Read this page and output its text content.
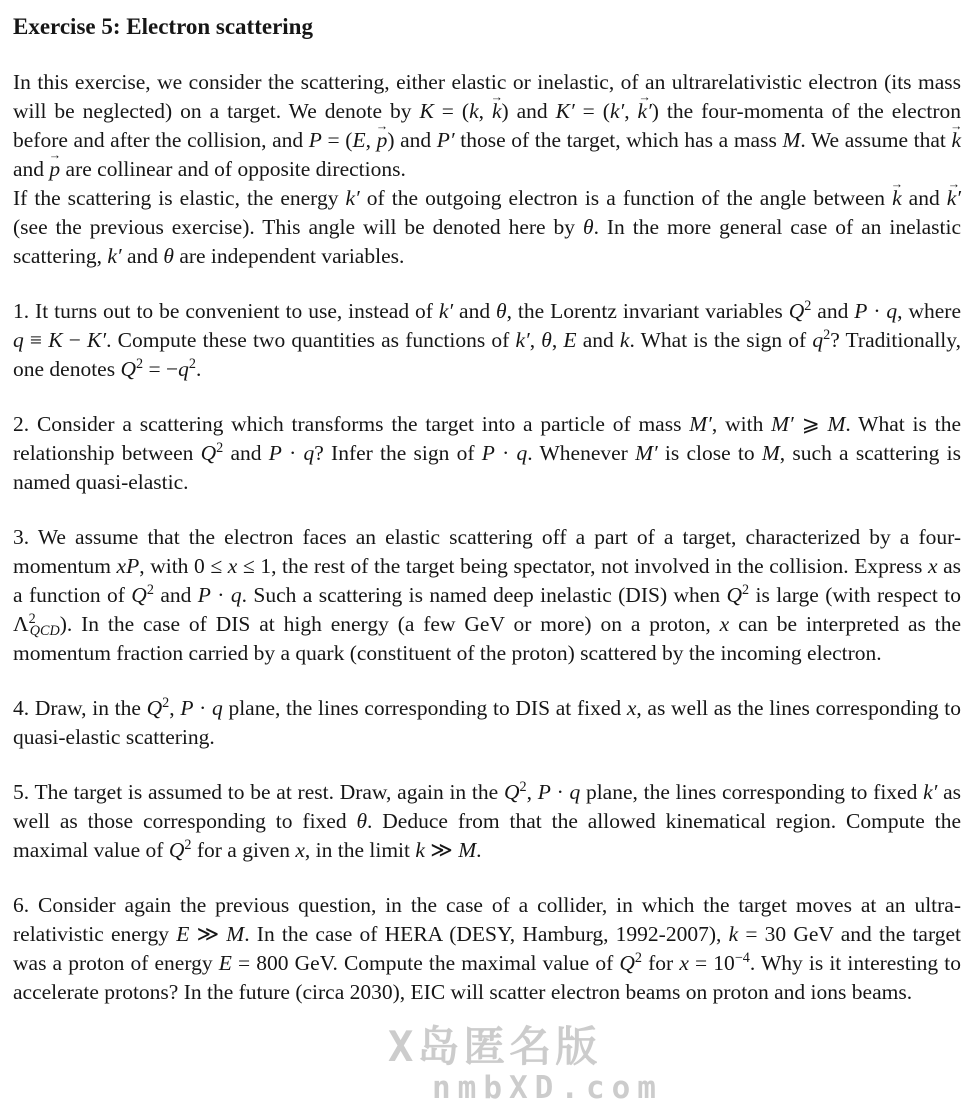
X岛匿名版
nmbXD.com
Exercise 5: Electron scattering

In this exercise, we consider the scattering, either elastic or inelastic, of an ultrarelativistic electron (its mass will be neglected) on a target. We denote by K = (k, → k) and K′ = (k′, → k′) the four-momenta of the electron before and after the collision, and P = (E, → p) and P′ those of the target, which has a mass M. We assume that → k and → p are collinear and of opposite directions.

If the scattering is elastic, the energy k′ of the outgoing electron is a function of the angle between → k and → k′ (see the previous exercise). This angle will be denoted here by θ. In the more general case of an inelastic scattering, k′ and θ are independent variables.

1. It turns out to be convenient to use, instead of k′ and θ, the Lorentz invariant variables $Q^2$ and P · q, where q ≡ K − K′. Compute these two quantities as functions of k′, θ, E and k. What is the sign of $q^2$? Traditionally, one denotes $Q^2 = -q^2$.

2. Consider a scattering which transforms the target into a particle of mass M′, with M′ ⩾ M. What is the relationship between $Q^2$ and P · q? Infer the sign of P · q. Whenever M′ is close to M, such a scattering is named quasi-elastic.

3. We assume that the electron faces an elastic scattering off a part of a target, characterized by a four-momentum xP, with 0 ≤ x ≤ 1, the rest of the target being spectator, not involved in the collision. Express x as a function of $Q^2$ and P · q. Such a scattering is named deep inelastic (DIS) when $Q^2$ is large (with respect to $\Lambda^2QCD$). In the case of DIS at high energy (a few GeV or more) on a proton, x can be interpreted as the momentum fraction carried by a quark (constituent of the proton) scattered by the incoming electron.

4. Draw, in the $Q^2$, P · q plane, the lines corresponding to DIS at fixed x, as well as the lines corresponding to quasi-elastic scattering.

5. The target is assumed to be at rest. Draw, again in the $Q^2$, P · q plane, the lines corresponding to fixed k′ as well as those corresponding to fixed θ. Deduce from that the allowed kinematical region. Compute the maximal value of $Q^2$ for a given x, in the limit k ≫ M.

6. Consider again the previous question, in the case of a collider, in which the target moves at an ultra-relativistic energy E ≫ M. In the case of HERA (DESY, Hamburg, 1992-2007), k = 30 GeV and the target was a proton of energy E = 800 GeV. Compute the maximal value of $Q^2$ for $x = 10^{-4}$. Why is it interesting to accelerate protons? In the future (circa 2030), EIC will scatter electron beams on proton and ions beams.
